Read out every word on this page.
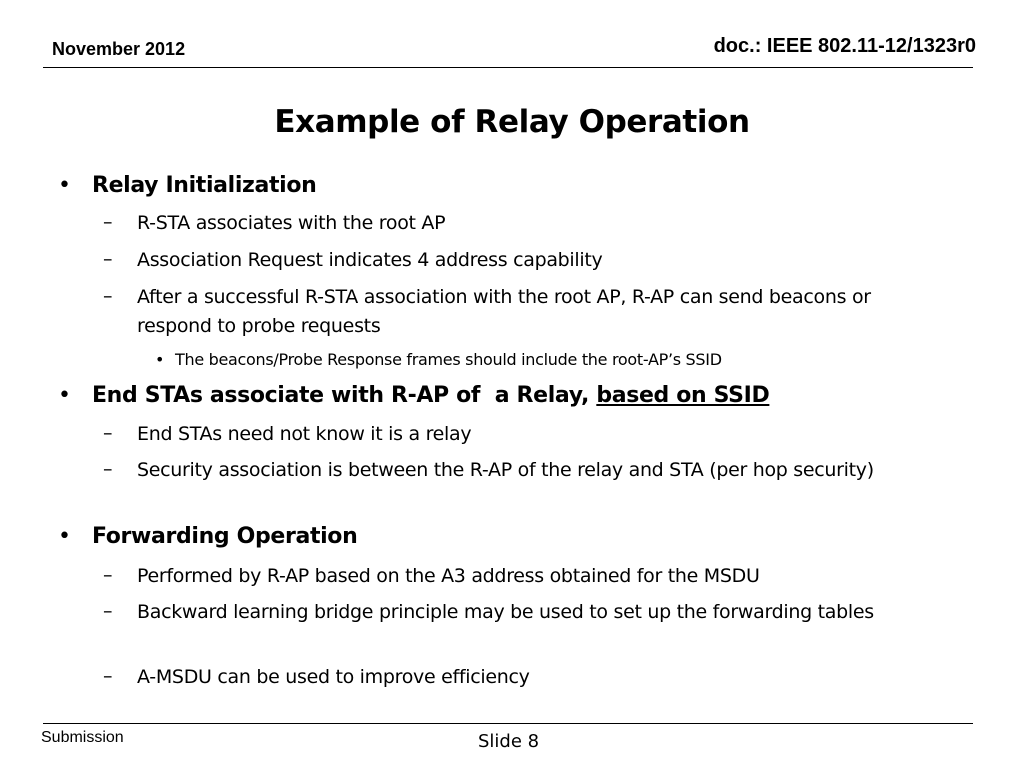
November 2012	doc.: IEEE 802.11-12/1323r0
Example of Relay Operation
• Relay Initialization
– R-STA associates with the root AP
– Association Request indicates 4 address capability
– After a successful R-STA association with the root AP, R-AP can send beacons or respond to probe requests
• The beacons/Probe Response frames should include the root-AP’s SSID
• End STAs associate with R-AP of  a Relay, based on SSID
– End STAs need not know it is a relay
– Security association is between the R-AP of the relay and STA (per hop security)
• Forwarding Operation
– Performed by R-AP based on the A3 address obtained for the MSDU
– Backward learning bridge principle may be used to set up the forwarding tables
– A-MSDU can be used to improve efficiency
Submission	Slide 8
